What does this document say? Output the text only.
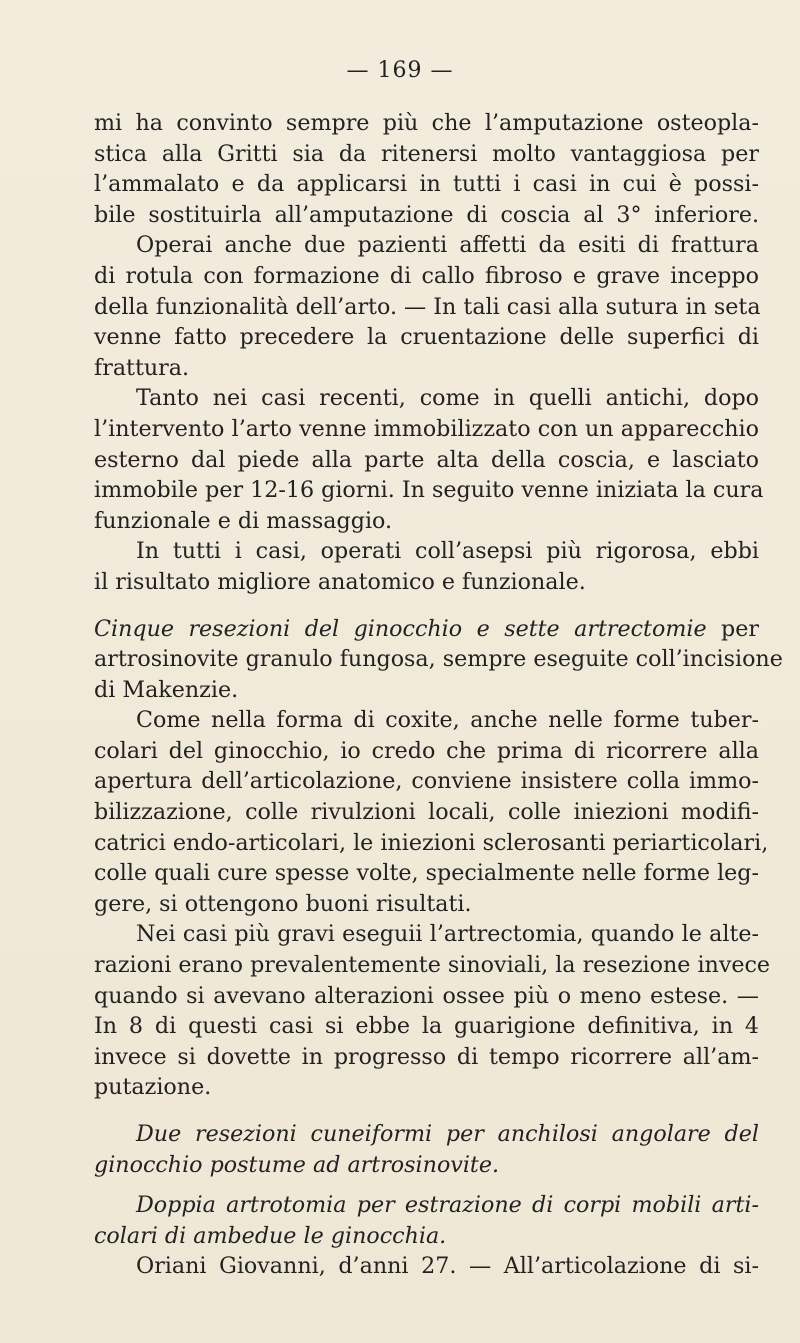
— 169 —
mi ha convinto sempre più che l’amputazione osteopla-
stica alla Gritti sia da ritenersi molto vantaggiosa per
l’ammalato e da applicarsi in tutti i casi in cui è possi-
bile sostituirla all’amputazione di coscia al 3° inferiore.
Operai anche due pazienti affetti da esiti di frattura
di rotula con formazione di callo fibroso e grave inceppo
della funzionalità dell’arto. — In tali casi alla sutura in seta
venne fatto precedere la cruentazione delle superfici di
frattura.
Tanto nei casi recenti, come in quelli antichi, dopo
l’intervento l’arto venne immobilizzato con un apparecchio
esterno dal piede alla parte alta della coscia, e lasciato
immobile per 12-16 giorni. In seguito venne iniziata la cura
funzionale e di massaggio.
In tutti i casi, operati coll’asepsi più rigorosa, ebbi
il risultato migliore anatomico e funzionale.
Cinque resezioni del ginocchio e sette artrectomie per
artrosinovite granulo fungosa, sempre eseguite coll’incisione
di Makenzie.
Come nella forma di coxite, anche nelle forme tuber-
colari del ginocchio, io credo che prima di ricorrere alla
apertura dell’articolazione, conviene insistere colla immo-
bilizzazione, colle rivulzioni locali, colle iniezioni modifi-
catrici endo-articolari, le iniezioni sclerosanti periarticolari,
colle quali cure spesse volte, specialmente nelle forme leg-
gere, si ottengono buoni risultati.
Nei casi più gravi eseguii l’artrectomia, quando le alte-
razioni erano prevalentemente sinoviali, la resezione invece
quando si avevano alterazioni ossee più o meno estese. —
In 8 di questi casi si ebbe la guarigione definitiva, in 4
invece si dovette in progresso di tempo ricorrere all’am-
putazione.
Due resezioni cuneiformi per anchilosi angolare del
ginocchio postume ad artrosinovite.
Doppia artrotomia per estrazione di corpi mobili arti-
colari di ambedue le ginocchia.
Oriani Giovanni, d’anni 27. — All’articolazione di si-
